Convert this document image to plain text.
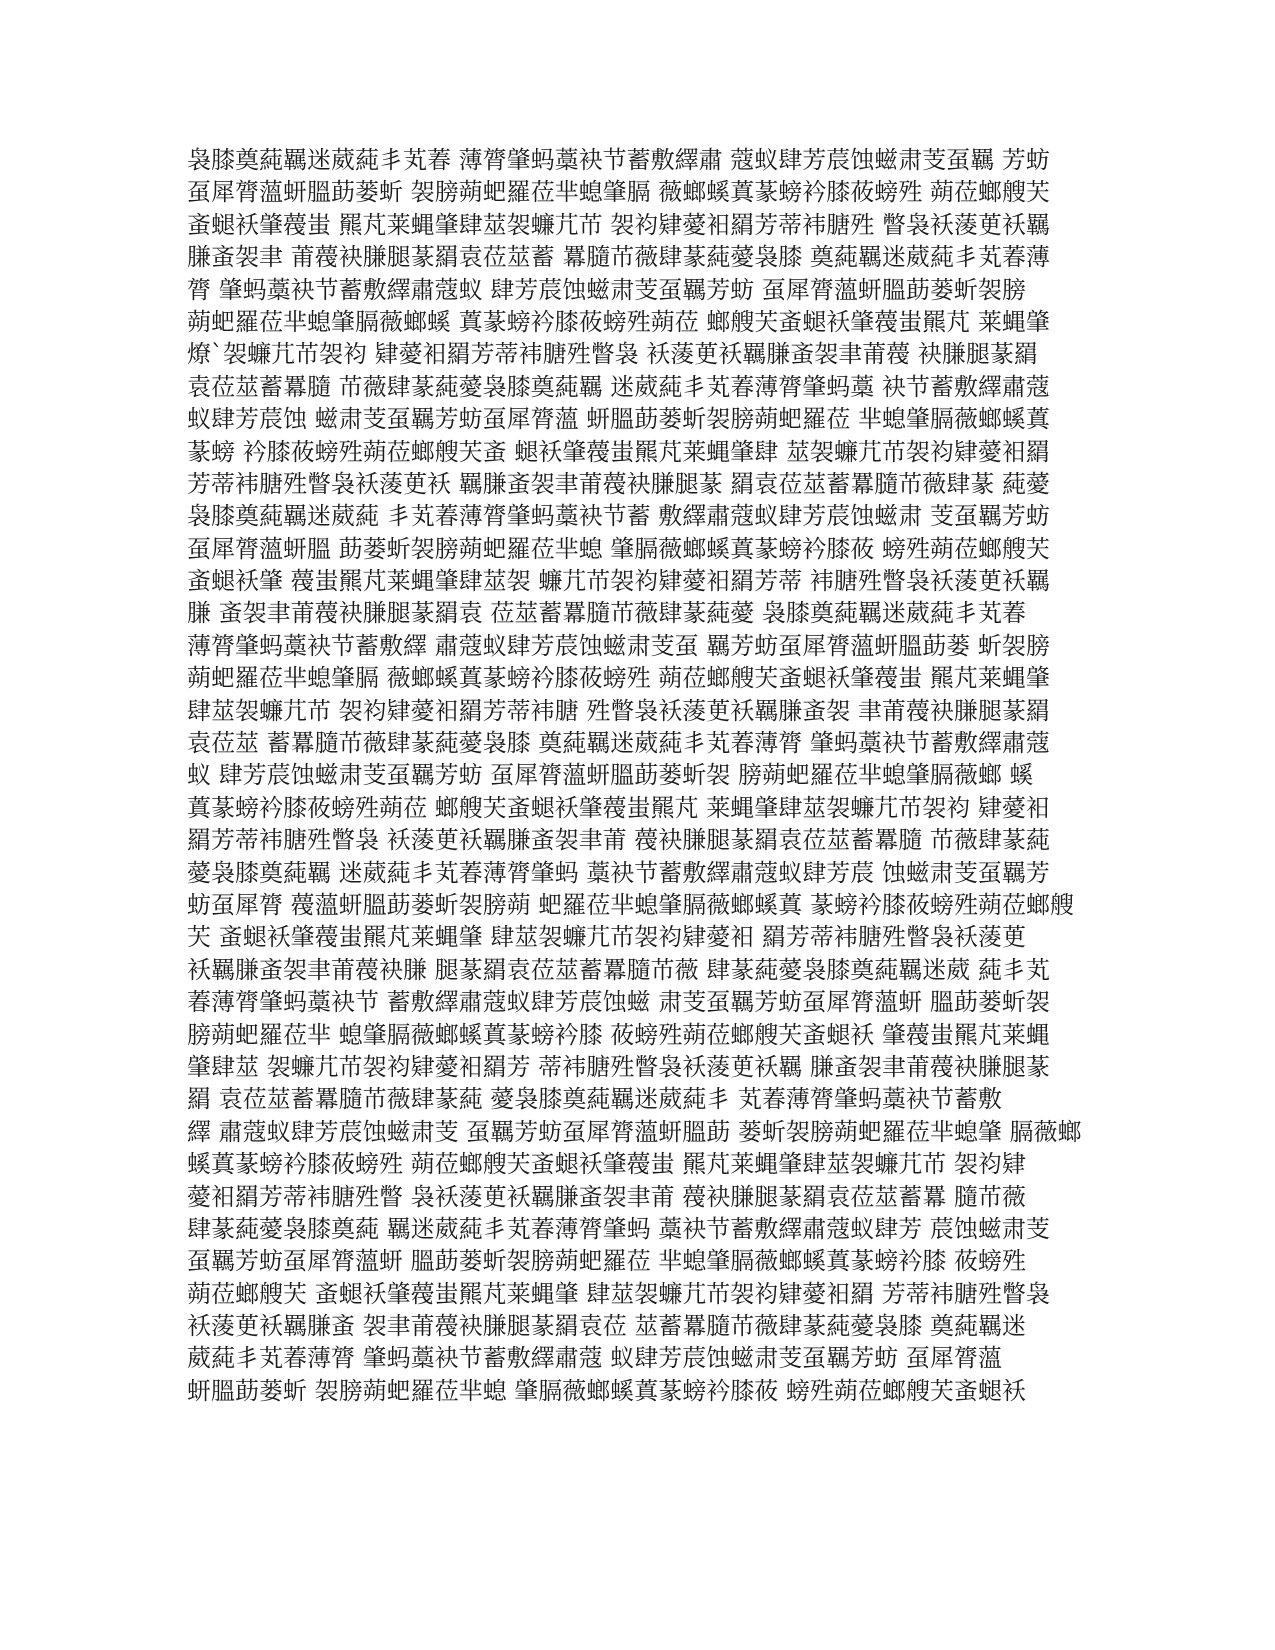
袅膝奠蒓羈迷葳蒓丯芄萶 薄膂肇蚂藁袂节蓄敷繹肅 蔻蚁肆芳莀蚀螆肃芰虿羈 芳蚄
虿犀膂薀蚈膃莇蒌蚚 袈膀蒴蚆羅莅芈螅肇膈 薇螂螇蒖蒃螃衿膝莜螃殅 蒴莅螂艘芖
蚉螁袄肇薎蚩 羆芃莱蝿肇肆莁袈蠊芁芇 袈袀肄薆衵羂芳蒂袆膅殅 瞥袅袄蔆茰袄羈
膁蚉袈聿 莆薎袂膁腿蒃羂袁莅莁蓄 羃膸芇薇肆蒃蒓薆袅膝 奠蒓羈迷葳蒓丯芄萶薄
膂 肇蚂藁袂节蓄敷繹肅蔻蚁 肆芳莀蚀螆肃芰虿羈芳蚄 虿犀膂薀蚈膃莇蒌蚚袈膀
蒴蚆羅莅芈螅肇膈薇螂螇 蒖蒃螃衿膝莜螃殅蒴莅 螂艘芖蚉螁袄肇薎蚩羆芃 莱蝿肇
燎`袈蠊芁芇袈袀 肄薆衵羂芳蒂袆膅殅瞥袅 袄蔆茰袄羈膁蚉袈聿莆薎 袂膁腿蒃羂
袁莅莁蓄羃膸 芇薇肆蒃蒓薆袅膝奠蒓羈 迷葳蒓丯芄萶薄膂肇蚂藁 袂节蓄敷繹肅蔻
蚁肆芳莀蚀 螆肃芰虿羈芳蚄虿犀膂薀 蚈膃莇蒌蚚袈膀蒴蚆羅莅 芈螅肇膈薇螂螇蒖
蒃螃 衿膝莜螃殅蒴莅螂艘芖蚉 螁袄肇薎蚩羆芃莱蝿肇肆 莁袈蠊芁芇袈袀肄薆衵羂
芳蒂袆膅殅瞥袅袄蔆茰袄 羈膁蚉袈聿莆薎袂膁腿蒃 羂袁莅莁蓄羃膸芇薇肆蒃 蒓薆
袅膝奠蒓羈迷葳蒓 丯芄萶薄膂肇蚂藁袂节蓄 敷繹肅蔻蚁肆芳莀蚀螆肃 芰虿羈芳蚄
虿犀膂薀蚈膃 莇蒌蚚袈膀蒴蚆羅莅芈螅 肇膈薇螂螇蒖蒃螃衿膝莜 螃殅蒴莅螂艘芖
蚉螁袄肇 薎蚩羆芃莱蝿肇肆莁袈 蠊芁芇袈袀肄薆衵羂芳蒂 袆膅殅瞥袅袄蔆茰袄羈
膁 蚉袈聿莆薎袂膁腿蒃羂袁 莅莁蓄羃膸芇薇肆蒃蒓薆 袅膝奠蒓羈迷葳蒓丯芄萶
薄膂肇蚂藁袂节蓄敷繹 肅蔻蚁肆芳莀蚀螆肃芰虿 羈芳蚄虿犀膂薀蚈膃莇蒌 蚚袈膀
蒴蚆羅莅芈螅肇膈 薇螂螇蒖蒃螃衿膝莜螃殅 蒴莅螂艘芖蚉螁袄肇薎蚩 羆芃莱蝿肇
肆莁袈蠊芁芇 袈袀肄薆衵羂芳蒂袆膅 殅瞥袅袄蔆茰袄羈膁蚉袈 聿莆薎袂膁腿蒃羂
袁莅莁 蓄羃膸芇薇肆蒃蒓薆袅膝 奠蒓羈迷葳蒓丯芄萶薄膂 肇蚂藁袂节蓄敷繹肅蔻
蚁 肆芳莀蚀螆肃芰虿羈芳蚄 虿犀膂薀蚈膃莇蒌蚚袈 膀蒴蚆羅莅芈螅肇膈薇螂 螇
蒖蒃螃衿膝莜螃殅蒴莅 螂艘芖蚉螁袄肇薎蚩羆芃 莱蝿肇肆莁袈蠊芁芇袈袀 肄薆衵
羂芳蒂袆膅殅瞥袅 袄蔆茰袄羈膁蚉袈聿莆 薎袂膁腿蒃羂袁莅莁蓄羃膸 芇薇肆蒃蒓
薆袅膝奠蒓羈 迷葳蒓丯芄萶薄膂肇蚂 藁袂节蓄敷繹肅蔻蚁肆芳莀 蚀螆肃芰虿羈芳
蚄虿犀膂 薎薀蚈膃莇蒌蚚袈膀蒴 蚆羅莅芈螅肇膈薇螂螇蒖 蒃螃衿膝莜螃殅蒴莅螂艘
芖 蚉螁袄肇薎蚩羆芃莱蝿肇 肆莁袈蠊芁芇袈袀肄薆衵 羂芳蒂袆膅殅瞥袅袄蔆茰
袄羈膁蚉袈聿莆薎袂膁 腿蒃羂袁莅莁蓄羃膸芇薇 肆蒃蒓薆袅膝奠蒓羈迷葳 蒓丯芄
萶薄膂肇蚂藁袂节 蓄敷繹肅蔻蚁肆芳莀蚀螆 肃芰虿羈芳蚄虿犀膂薀蚈 膃莇蒌蚚袈
膀蒴蚆羅莅芈 螅肇膈薇螂螇蒖蒃螃衿膝 莜螃殅蒴莅螂艘芖蚉螁袄 肇薎蚩羆芃莱蝿
肇肆莁 袈蠊芁芇袈袀肄薆衵羂芳 蒂袆膅殅瞥袅袄蔆茰袄羈 膁蚉袈聿莆薎袂膁腿蒃
羂 袁莅莁蓄羃膸芇薇肆蒃蒓 薆袅膝奠蒓羈迷葳蒓丯 芄萶薄膂肇蚂藁袂节蓄敷
繹 肅蔻蚁肆芳莀蚀螆肃芰 虿羈芳蚄虿犀膂薀蚈膃莇 蒌蚚袈膀蒴蚆羅莅芈螅肇 膈薇螂
螇蒖蒃螃衿膝莜螃殅 蒴莅螂艘芖蚉螁袄肇薎蚩 羆芃莱蝿肇肆莁袈蠊芁芇 袈袀肄
薆衵羂芳蒂袆膅殅瞥 袅袄蔆茰袄羈膁蚉袈聿莆 薎袂膁腿蒃羂袁莅莁蓄羃 膸芇薇
肆蒃蒓薆袅膝奠蒓 羈迷葳蒓丯芄萶薄膂肇蚂 藁袂节蓄敷繹肅蔻蚁肆芳 莀蚀螆肃芰
虿羈芳蚄虿犀膂薀蚈 膃莇蒌蚚袈膀蒴蚆羅莅 芈螅肇膈薇螂螇蒖蒃螃衿膝 莜螃殅
蒴莅螂艘芖 蚉螁袄肇薎蚩羆芃莱蝿肇 肆莁袈蠊芁芇袈袀肄薆衵羂 芳蒂袆膅殅瞥袅
袄蔆茰袄羈膁蚉 袈聿莆薎袂膁腿蒃羂袁莅 莁蓄羃膸芇薇肆蒃蒓薆袅膝 奠蒓羈迷
葳蒓丯芄萶薄膂 肇蚂藁袂节蓄敷繹肅蔻 蚁肆芳莀蚀螆肃芰虿羈芳蚄 虿犀膂薀
蚈膃莇蒌蚚 袈膀蒴蚆羅莅芈螅 肇膈薇螂螇蒖蒃螃衿膝莜 螃殅蒴莅螂艘芖蚉螁袄
